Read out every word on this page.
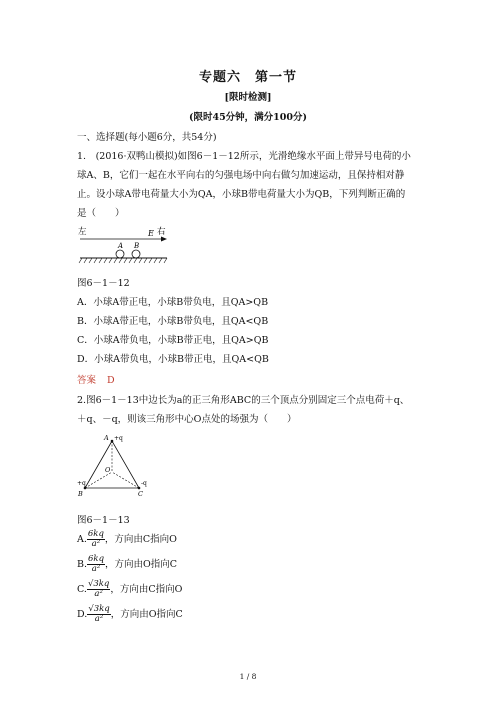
专题六　第一节
[限时检测]
(限时45分钟，满分100分)
一、选择题(每小题6分，共54分)
1.　(2016·双鸭山模拟)如图6－1－12所示，光滑绝缘水平面上带异号电荷的小
球A、B，它们一起在水平向右的匀强电场中向右做匀加速运动，且保持相对静
止。设小球A带电荷量大小为QA，小球B带电荷量大小为QB，下列判断正确的
是（　　）
左	E 右
A B
图6－1－12
A．小球A带正电，小球B带负电，且QA>QB
B．小球A带正电，小球B带负电，且QA<QB
C．小球A带负电，小球B带正电，且QA>QB
D．小球A带负电，小球B带正电，且QA<QB
答案 D
2.图6－1－13中边长为a的正三角形ABC的三个顶点分别固定三个点电荷＋q、
＋q、－q，则该三角形中心O点处的场强为（　　）
A +q
O
+q
B
-q
C
图6－1－13
A. $\frac{6kq}{\text{a²}}$ ，方向由C指向O
B. $\frac{6kq}{\text{a²}}$ ，方向由O指向C
C. $\frac{√3kq}{\text{a²}}$ ，方向由C指向O
D. $\frac{√3kq}{\text{a²}}$ ，方向由O指向C
1 / 8
